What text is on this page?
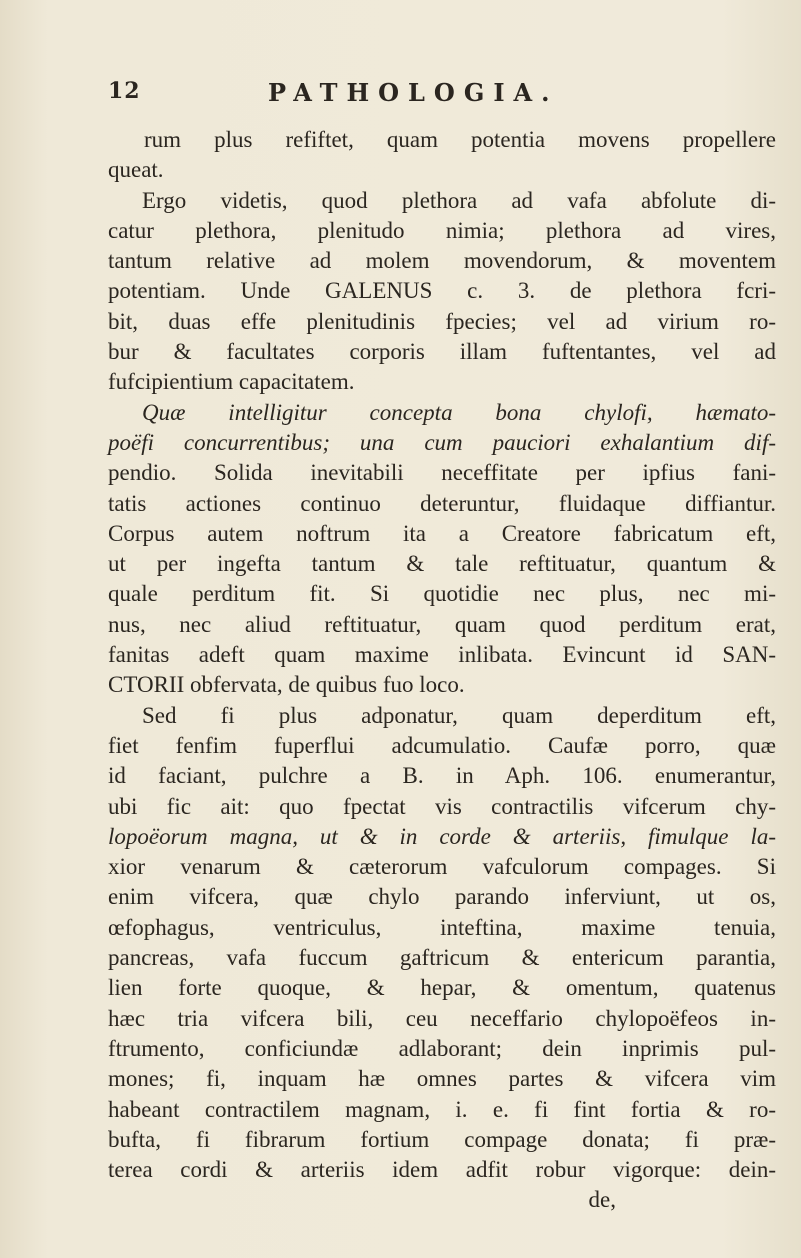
12	PATHOLOGIA.
rum plus refiftet, quam potentia movens propellere
queat.
Ergo videtis, quod plethora ad vafa abfolute di-
catur plethora, plenitudo nimia; plethora ad vires,
tantum relative ad molem movendorum, & moventem
potentiam. Unde GALENUS c. 3. de plethora fcri-
bit, duas effe plenitudinis fpecies; vel ad virium ro-
bur & facultates corporis illam fuftentantes, vel ad
fufcipientium capacitatem.
Quæ intelligitur concepta bona chylofi, hæmato-
poëfi concurrentibus; una cum pauciori exhalantium dif-
pendio. Solida inevitabili neceffitate per ipfius fani-
tatis actiones continuo deteruntur, fluidaque diffiantur.
Corpus autem noftrum ita a Creatore fabricatum eft,
ut per ingefta tantum & tale reftituatur, quantum &
quale perditum fit. Si quotidie nec plus, nec mi-
nus, nec aliud reftituatur, quam quod perditum erat,
fanitas adeft quam maxime inlibata. Evincunt id SAN-
CTORII obfervata, de quibus fuo loco.
Sed fi plus adponatur, quam deperditum eft,
fiet fenfim fuperflui adcumulatio. Caufæ porro, quæ
id faciant, pulchre a B. in Aph. 106. enumerantur,
ubi fic ait: quo fpectat vis contractilis vifcerum chy-
lopoëorum magna, ut & in corde & arteriis, fimulque la-
xior venarum & cæterorum vafculorum compages. Si
enim vifcera, quæ chylo parando inferviunt, ut os,
œfophagus, ventriculus, inteftina, maxime tenuia,
pancreas, vafa fuccum gaftricum & entericum parantia,
lien forte quoque, & hepar, & omentum, quatenus
hæc tria vifcera bili, ceu neceffario chylopoëfeos in-
ftrumento, conficiundæ adlaborant; dein inprimis pul-
mones; fi, inquam hæ omnes partes & vifcera vim
habeant contractilem magnam, i. e. fi fint fortia & ro-
bufta, fi fibrarum fortium compage donata; fi præ-
terea cordi & arteriis idem adfit robur vigorque: dein-
de,
